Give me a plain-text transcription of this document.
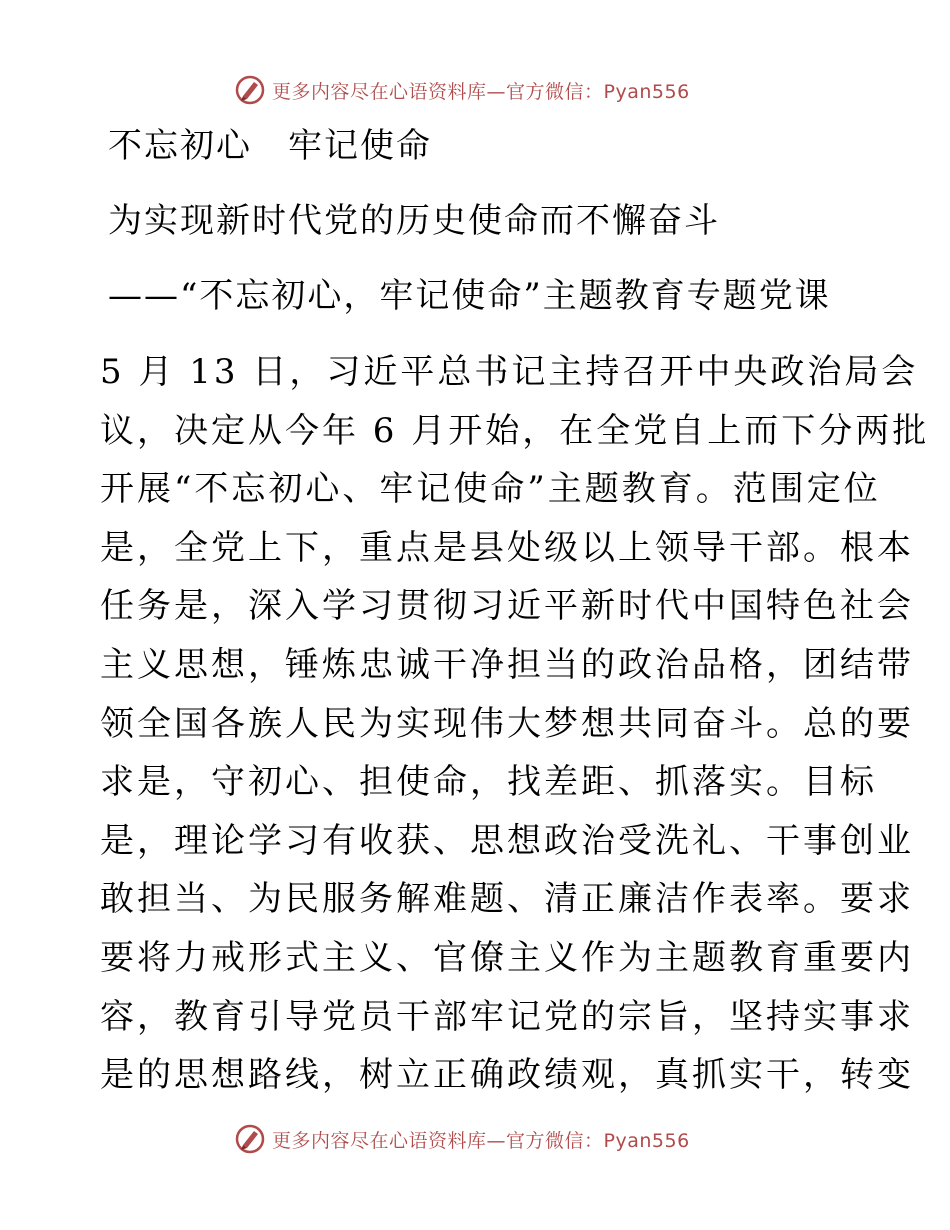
更多内容尽在心语资料库—官方微信：Pyan556
不忘初心　牢记使命
为实现新时代党的历史使命而不懈奋斗
——“不忘初心，牢记使命”主题教育专题党课
5 月 13 日，习近平总书记主持召开中央政治局会
议，决定从今年 6 月开始，在全党自上而下分两批
开展“不忘初心、牢记使命”主题教育。范围定位
是，全党上下，重点是县处级以上领导干部。根本
任务是，深入学习贯彻习近平新时代中国特色社会
主义思想，锤炼忠诚干净担当的政治品格，团结带
领全国各族人民为实现伟大梦想共同奋斗。总的要
求是，守初心、担使命，找差距、抓落实。目标
是，理论学习有收获、思想政治受洗礼、干事创业
敢担当、为民服务解难题、清正廉洁作表率。要求
要将力戒形式主义、官僚主义作为主题教育重要内
容，教育引导党员干部牢记党的宗旨，坚持实事求
是的思想路线，树立正确政绩观，真抓实干，转变
更多内容尽在心语资料库—官方微信：Pyan556
